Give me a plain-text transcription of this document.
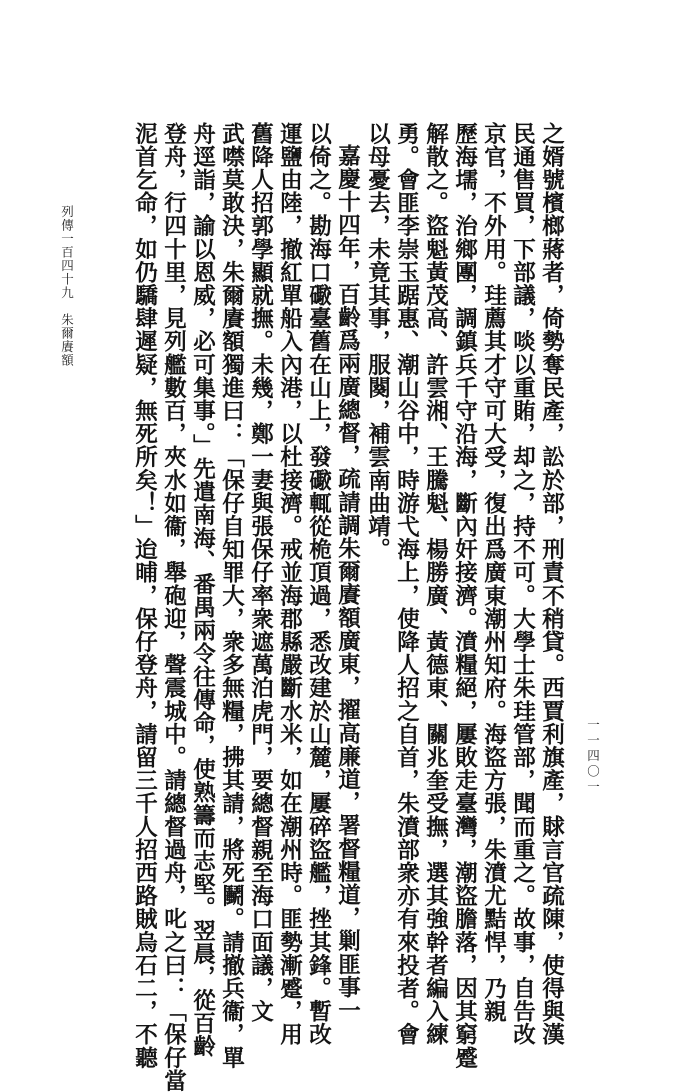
列傳一百四十九　朱爾賡額
一一四〇一
之婿號檳榔蔣者，倚勢奪民產，訟於部，刑責不稍貸。西賈利旗產，賕言官疏陳，使得與漢
民通售買，下部議，啖以重賄，却之，持不可。大學士朱珪管部，聞而重之。故事，自告改
京官，不外用。珪薦其才守可大受，復出爲廣東潮州知府。海盜方張，朱濆尤黠悍，乃親
歷海壖，治鄉團，調鎮兵千守沿海，斷內奸接濟。濆糧絕，屢敗走臺灣，潮盜膽落，因其窮蹙
解散之。盜魁黃茂高、許雲湘、王騰魁、楊勝廣、黃德東、關兆奎受撫，選其強幹者編入練
勇。會匪李崇玉踞惠、潮山谷中，時游弋海上，使降人招之自首，朱濆部衆亦有來投者。會
以母憂去，未竟其事，服闋，補雲南曲靖。
嘉慶十四年，百齡爲兩廣總督，疏請調朱爾賡額廣東，擢高廉道，署督糧道，剿匪事一
以倚之。勘海口礮臺舊在山上，發礮輒從桅頂過，悉改建於山麓，屢碎盜艦，挫其鋒。暫改
運鹽由陸，撤紅單船入內港，以杜接濟。戒並海郡縣嚴斷水米，如在潮州時。匪勢漸蹙，用
舊降人招郭學顯就撫。未幾，鄭一妻與張保仔率衆遮萬泊虎門，要總督親至海口面議，文
武噤莫敢決，朱爾賡額獨進曰：「保仔自知罪大，衆多無糧，拂其請，將死鬭。請撤兵衞，單
舟逕詣，諭以恩威，必可集事。」先遣南海、番禺兩令往傳命，使熟籌而志堅。翌晨，從百齡
登舟，行四十里，見列艦數百，夾水如衞，舉砲迎，聲震城中。請總督過舟，叱之曰：「保仔當
泥首乞命，如仍驕肆遲疑，無死所矣！」迨晡，保仔登舟，請留三千人招西路賊烏石二，不聽
